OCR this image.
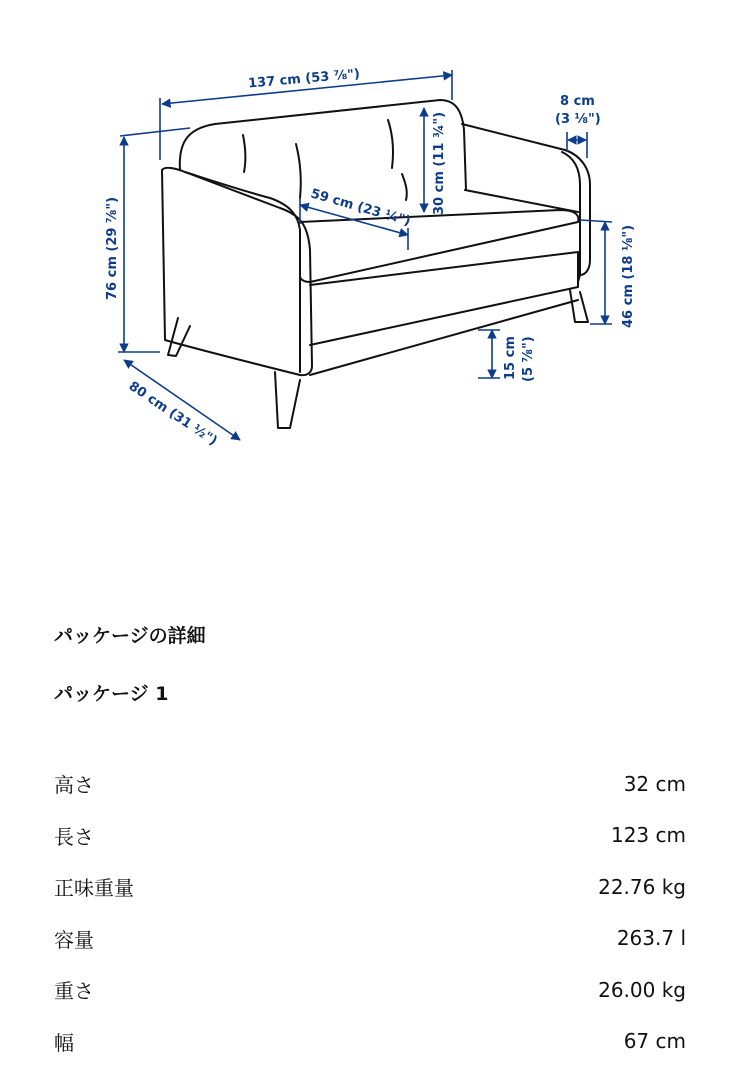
137 cm (53 ⅞")
8 cm
(3 ⅛")
30 cm (11 ¾")
59 cm (23 ¼")
76 cm (29 ⅞")	46 cm (18 ⅛")
15 cm (5 ⅞")
80 cm (31 ½")
パッケージの詳細
パッケージ 1
高さ	32 cm
長さ	123 cm
正味重量	22.76 kg
容量	263.7 l
重さ	26.00 kg
幅	67 cm
